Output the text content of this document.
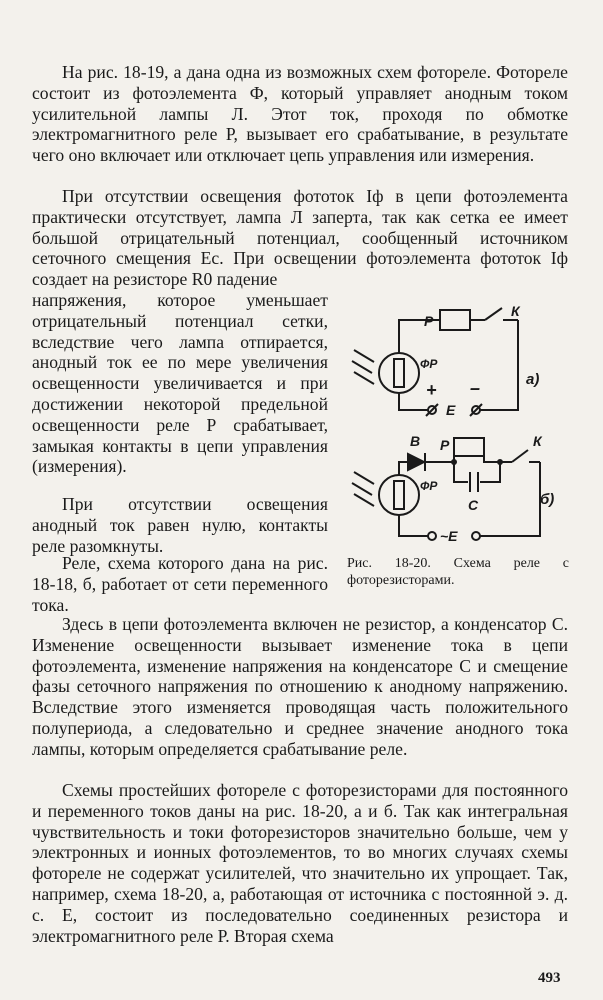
На рис. 18-19, а дана одна из возможных схем фотореле. Фотореле состоит из фотоэлемента Ф, который управляет анодным током усилительной лампы Л. Этот ток, проходя по обмотке электромагнитного реле Р, вызывает его срабатывание, в результате чего оно включает или отключает цепь управления или измерения.

При отсутствии освещения фототок Iф в цепи фотоэлемента практически отсутствует, лампа Л заперта, так как сетка ее имеет большой отрицательный потенциал, сообщенный источником сеточного смещения Ec. При освещении фотоэлемента фототок Iф создает на резисторе R0 падение

напряжения, которое уменьшает отрицательный потенциал сетки, вследствие чего лампа отпирается, анодный ток ее по мере увеличения освещенности увеличивается и при достижении некоторой предельной освещенности реле Р срабатывает, замыкая контакты в цепи управления (измерения).

При отсутствии освещения анодный ток равен нулю, контакты реле разомкнуты.

Реле, схема которого дана на рис. 18-18, б, работает от сети переменного тока.

Здесь в цепи фотоэлемента включен не резистор, а конденсатор С. Изменение освещенности вызывает изменение тока в цепи фотоэлемента, изменение напряжения на конденсаторе С и смещение фазы сеточного напряжения по отношению к анодному напряжению. Вследствие этого изменяется проводящая часть положительного полупериода, а следовательно и среднее значение анодного тока лампы, которым определяется срабатывание реле.

Схемы простейших фотореле с фоторезисторами для постоянного и переменного токов даны на рис. 18-20, а и б. Так как интегральная чувствительность и токи фоторезисторов значительно больше, чем у электронных и ионных фотоэлементов, то во многих случаях схемы фотореле не содержат усилителей, что значительно их упрощает. Так, например, схема 18-20, а, работающая от источника с постоянной э. д. с. Е, состоит из последовательно соединенных резистора и электромагнитного реле Р. Вторая схема

Р
К
ФР
+ –
E
а)
В Р	К
ФР
С
~E
б)

Рис. 18-20. Схема реле с фоторезисторами.

493
